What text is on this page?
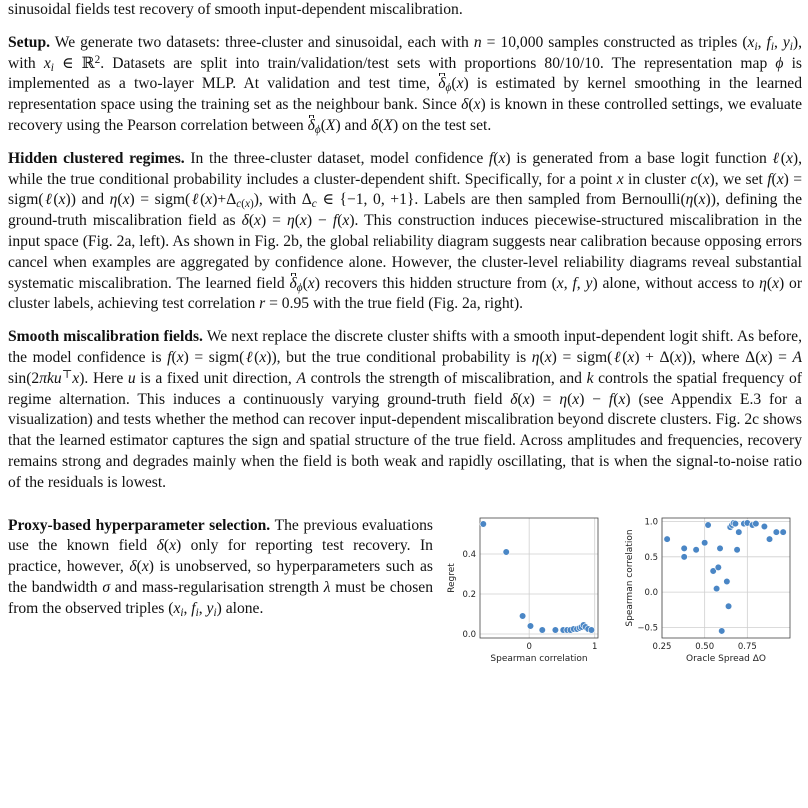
sinusoidal fields test recovery of smooth input-dependent miscalibration.

Setup. We generate two datasets: three-cluster and sinusoidal, each with n = 10,000 samples constructed as triples ($x_i$, $f_i$, $y_i$), with $x_i$ ∈ ℝ$^2$. Datasets are split into train/validation/test sets with proportions 80/10/10. The representation map ϕ is implemented as a two-layer MLP. At validation and test time, $\delta_\phi(x)$ is estimated by kernel smoothing in the learned representation space using the training set as the neighbour bank. Since δ(x) is known in these controlled settings, we evaluate recovery using the Pearson correlation between $\delta_\phi(X)$ and δ(X) on the test set.

Hidden clustered regimes. In the three-cluster dataset, model confidence f(x) is generated from a base logit function ℓ(x), while the true conditional probability includes a cluster-dependent shift. Specifically, for a point x in cluster c(x), we set f(x) = sigm(ℓ(x)) and $\eta(x) = sigm(\ell(x)+\Delta_{c(x)})$, with $\Delta_c$ ∈ {−1, 0, +1}. Labels are then sampled from Bernoulli(η(x)), defining the ground-truth miscalibration field as δ(x) = η(x) − f(x). This construction induces piecewise-structured miscalibration in the input space (Fig. 2a, left). As shown in Fig. 2b, the global reliability diagram suggests near calibration because opposing errors cancel when examples are aggregated by confidence alone. However, the cluster-level reliability diagrams reveal substantial systematic miscalibration. The learned field $\delta_\phi(x)$ recovers this hidden structure from (x, f, y) alone, without access to η(x) or cluster labels, achieving test correlation r = 0.95 with the true field (Fig. 2a, right).

Smooth miscalibration fields. We next replace the discrete cluster shifts with a smooth input-dependent logit shift. As before, the model confidence is f(x) = sigm(ℓ(x)), but the true conditional probability is η(x) = sigm(ℓ(x) + Δ(x)), where Δ(x) = A sin(2πku⊤x). Here u is a fixed unit direction, A controls the strength of miscalibration, and k controls the spatial frequency of regime alternation. This induces a continuously varying ground-truth field δ(x) = η(x) − f(x) (see Appendix E.3 for a visualization) and tests whether the method can recover input-dependent miscalibration beyond discrete clusters. Fig. 2c shows that the learned estimator captures the sign and spatial structure of the true field. Across amplitudes and frequencies, recovery remains strong and degrades mainly when the field is both weak and rapidly oscillating, that is when the signal-to-noise ratio of the residuals is lowest.

Proxy-based hyperparameter selection. The previous evaluations use the known field δ(x) only for reporting test recovery. In practice, however, δ(x) is unobserved, so hyperparameters such as the bandwidth σ and mass-regularisation strength λ must be chosen from the observed triples ($x_i$, $f_i$, $y_i$) alone.

0	1
0.0
0.2
0.4
Spearman correlation
Regret
0.25	0.50	0.75
−0.5
0.0
0.5
1.0
Oracle Spread ΔO
Spearman correlation
